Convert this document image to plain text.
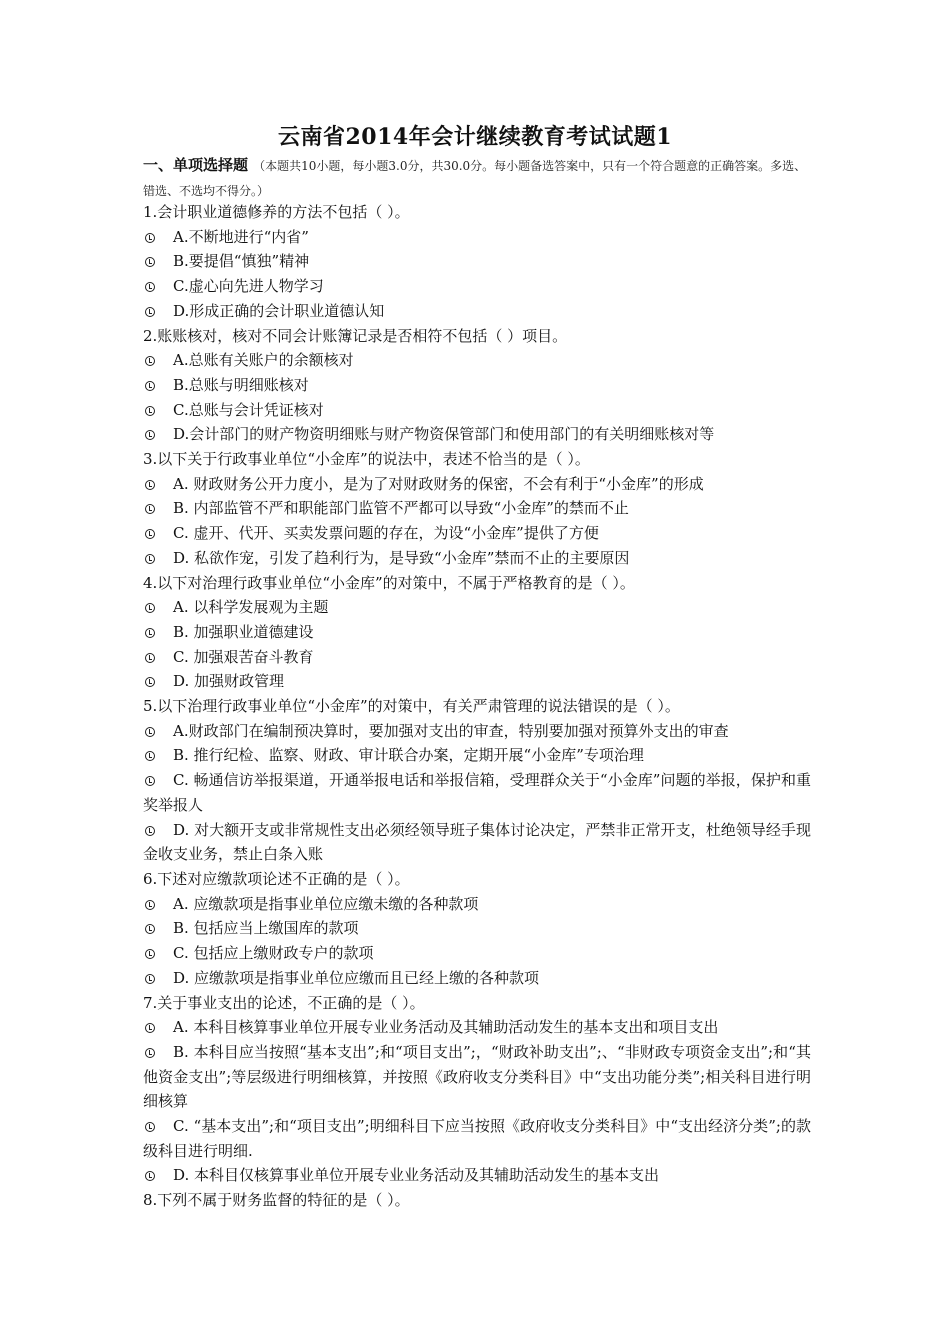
云南省2014年会计继续教育考试试题1
一、单项选择题 （本题共10小题，每小题3.0分，共30.0分。每小题备选答案中，只有一个符合题意的正确答案。多选、错选、不选均不得分。）
1.会计职业道德修养的方法不包括（ ）。
A.不断地进行“内省”
B.要提倡“慎独”精神
C.虚心向先进人物学习
D.形成正确的会计职业道德认知
2.账账核对，核对不同会计账簿记录是否相符不包括（ ）项目。
A.总账有关账户的余额核对
B.总账与明细账核对
C.总账与会计凭证核对
D.会计部门的财产物资明细账与财产物资保管部门和使用部门的有关明细账核对等
3.以下关于行政事业单位“小金库”的说法中，表述不恰当的是（ ）。
A. 财政财务公开力度小，是为了对财政财务的保密，不会有利于“小金库”的形成
B. 内部监管不严和职能部门监管不严都可以导致“小金库”的禁而不止
C. 虚开、代开、买卖发票问题的存在，为设“小金库”提供了方便
D. 私欲作宠，引发了趋利行为，是导致“小金库”禁而不止的主要原因
4.以下对治理行政事业单位“小金库”的对策中，不属于严格教育的是（ ）。
A. 以科学发展观为主题
B. 加强职业道德建设
C. 加强艰苦奋斗教育
D. 加强财政管理
5.以下治理行政事业单位“小金库”的对策中，有关严肃管理的说法错误的是（ ）。
A.财政部门在编制预决算时，要加强对支出的审查，特别要加强对预算外支出的审查
B. 推行纪检、监察、财政、审计联合办案，定期开展“小金库”专项治理
C. 畅通信访举报渠道，开通举报电话和举报信箱，受理群众关于“小金库”问题的举报，保护和重奖举报人
D. 对大额开支或非常规性支出必须经领导班子集体讨论决定，严禁非正常开支，杜绝领导经手现金收支业务，禁止白条入账
6.下述对应缴款项论述不正确的是（ ）。
A. 应缴款项是指事业单位应缴未缴的各种款项
B. 包括应当上缴国库的款项
C. 包括应上缴财政专户的款项
D. 应缴款项是指事业单位应缴而且已经上缴的各种款项
7.关于事业支出的论述，不正确的是（ ）。
A. 本科目核算事业单位开展专业业务活动及其辅助活动发生的基本支出和项目支出
B. 本科目应当按照“基本支出”;和“项目支出”;，“财政补助支出”;、“非财政专项资金支出”;和“其他资金支出”;等层级进行明细核算，并按照《政府收支分类科目》中“支出功能分类”;相关科目进行明细核算
C. “基本支出”;和“项目支出”;明细科目下应当按照《政府收支分类科目》中“支出经济分类”;的款级科目进行明细.
D. 本科目仅核算事业单位开展专业业务活动及其辅助活动发生的基本支出
8.下列不属于财务监督的特征的是（ ）。
